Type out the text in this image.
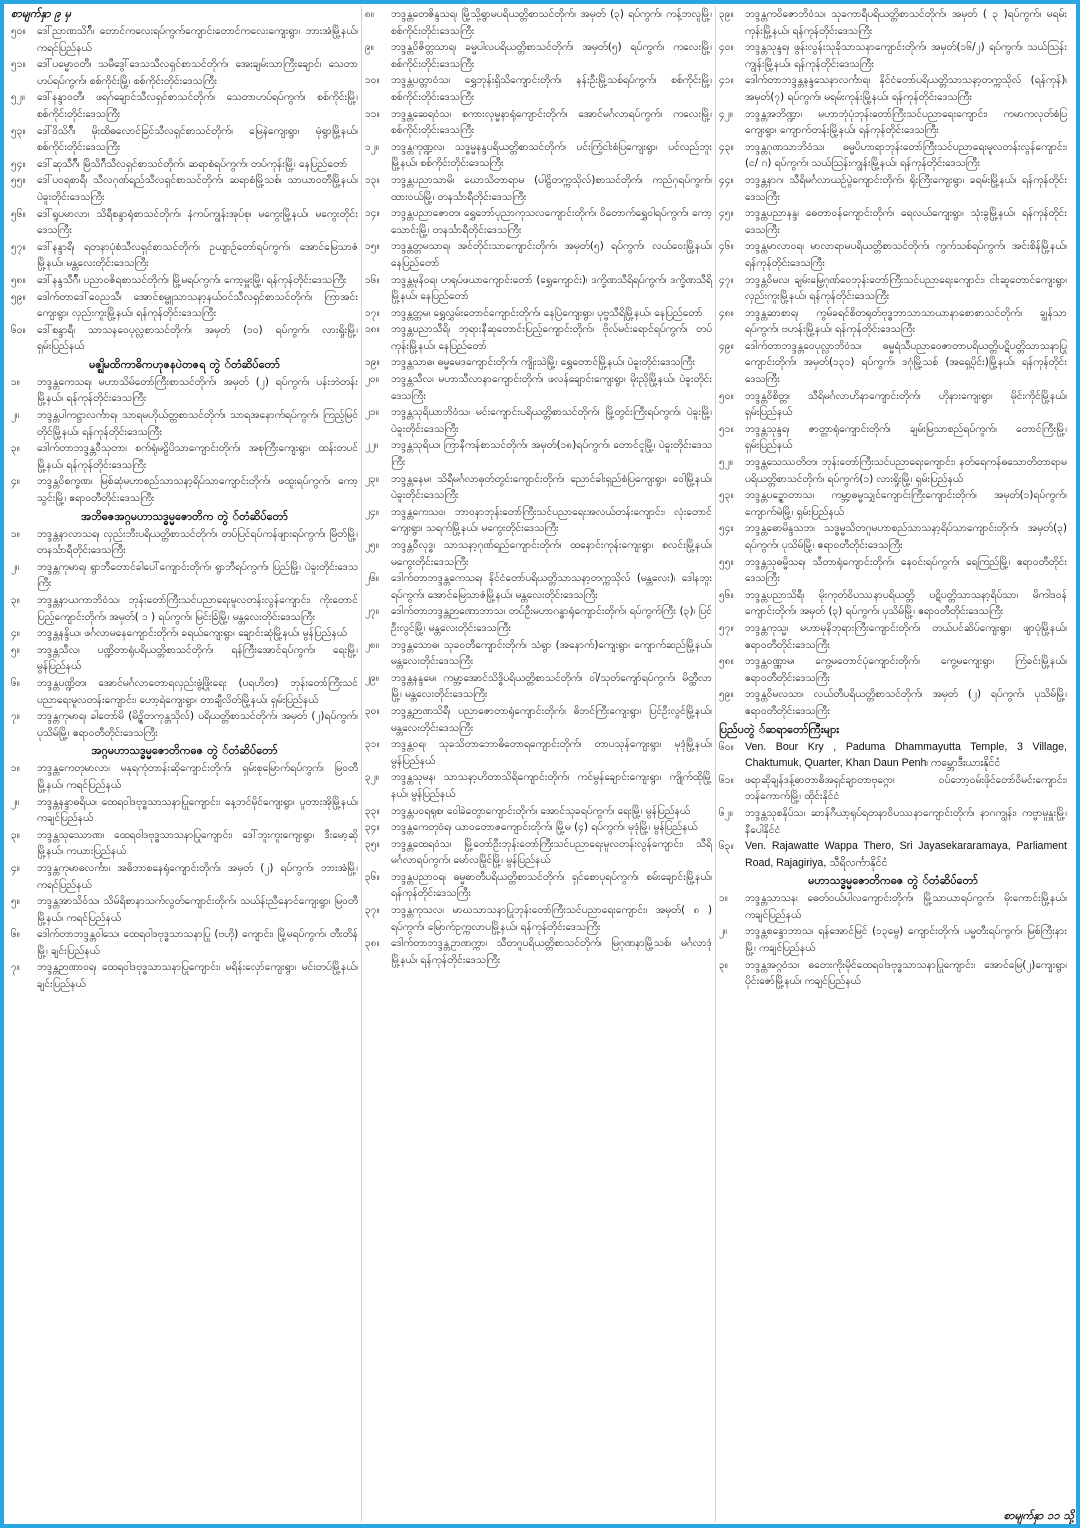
စာမျက်နှာ ၉ မှ
၅၀။	ဒေါ်ညာဏသိဂ်ီ၊ တောင်ကလေးရပ်ကွက်ကျောင်းတောင်ကလေးကျေးရွာ၊ ဘားအံမြို့နယ်၊ ကရင်ပြည်နယ်
၅၁။	ဒေါ်ပမ္မောဝတီ၊ သမီဒွေါ်ဒေသသီလရှင်စာသင်တိုက်၊ အေးချမ်းသာကြီးချောင်၊ သေတာဟပ်ရပ်ကွက်၊ စစ်ကိုင်းမြို့၊ စစ်ကိုင်းတိုင်းဒေသကြီး
၅၂။	ဒေါ်နန္ဒာဝတီ၊ ဖရဂ်ချောင်သီလရှင်စာသင်တိုက်၊ သေတာဟပ်ရပ်ကွက်၊ စစ်ကိုင်းမြို့၊ စစ်ကိုင်းတိုင်းဒေသကြီး
၅၃။	ဒေါ်ဝိသိဂ်ီ၊ မိုးထိဓလောင်ခြင်သီလရှင်စာသင်တိုက်၊ မြေနဲကျေးရွာ၊ မုံရွာမြို့နယ်၊ စစ်ကိုင်းတိုင်းဒေသကြီး
၅၄။	ဒေါ်ဆုသီဂ်ီ၊ မြိသိဂ်ီသီလရှင်စာသင်တိုက်၊ ဆရာစံရပ်ကွက်၊ တပ်ကုန်းမြို့၊ နေပြည်တော်
၅၅။	ဒေါ်ပဝရစာရီ၊ သီလဂုဏ်ရည်သီလရှင်စာသင်တိုက်၊ ဆရာစံမြို့သစ်၊ သာယာဝတီမြို့နယ်၊ ပဲခူးတိုင်းဒေသကြီး
၅၆။	ဒေါ်ရူပမာလာ၊ သိရီစန္ဒာရုံစာသင်တိုက်၊ နံကပ်ကျွန်းအုပ်စု၊ မကွေးမြို့နယ်၊ မကွေးတိုင်းဒေသကြီး
၅၇။	ဒေါ်နန္ဒာရီ၊ ရတနာပုံစံသီလရှင်စာသင်တိုက်၊ ဥယျာဉ်တော်ရပ်ကွက်၊ အောင်မြေသာဇံမြို့နယ်၊ မန္တလေးတိုင်းဒေသကြီး
၅၈။	ဒေါ်နန္ဒသီဂ်ီ၊ ပညာဝဇိရစာသင်တိုက်၊ မြို့မရပ်ကွက်၊ ကော့မှူးမြို့၊ ရန်ကုန်တိုင်းဒေသကြီး
၅၉။	ဒေါက်တာဒေါ်ဝေညသီ၊ အောင်စမ္ဗူသာသနာ့နယ်ဝင်သီလရှင်စာသင်တိုက်၊ ကြာအင်းကျေးရွာ၊ လှည်းကူးမြို့နယ်၊ ရန်ကုန်တိုင်းဒေသကြီး
၆၀။	ဒေါ်စန္ဒာရီ၊ သာသနဝေပုလ္လစာသင်တိုက်၊ အမှတ် (၁၀) ရပ်ကွက်၊ လားရှိုးမြို့၊ ရှမ်းပြည်နယ်
မဇ္ဈိမထိကာဓိကဟုဇနပဲတဇရ တွဲ ်တံဆိပ်တော်
၁။	ဘဒ္ဒန္တကေသရ၊ မဟာသိမ်တော်ကြီးစာသင်တိုက်၊ အမှတ် (၂) ရပ်ကွက်၊ ပန်းဘဲတန်းမြို့နယ်၊ ရန်ကုန်တိုင်းဒေသကြီး
၂။	ဘဒ္ဒန္တပါကဋ္ဌာလင်္ကာရ၊ သာရမဟိုယ်တ္တစာသင်တိုက်၊ သာရအနောက်ရပ်ကွက်၊ ကြည့်မြင်တိုင်မြို့နယ်၊ ရန်ကုန်တိုင်းဒေသကြီး
၃။	ဒေါက်တာဘဒ္ဒန္တဝီသုတာ၊ စက်ရုံမဠိပိသာကျောင်းတိုက်၊ အစုကြီးကျေးရွာ၊ ထန်းတပင်မြို့နယ်၊ ရန်ကုန်တိုင်းဒေသကြီး
၄။	ဘဒ္ဒန္တဝိစက္ခဏ၊ မြစ်ဆုံမဟာစည်သာသနာ့ရိပ်သာကျောင်းတိုက်၊ ဖထူးရပ်ကွက်၊ ကော့သွင်းမြို့၊ ဧရာဝတီတိုင်းဒေသကြီး
အဘိဓဇအဂ္ဂမဟာသဒ္ဓမ္မဇောတိက တွဲ ်တံဆိပ်တော်
၁။	ဘဒ္ဒန္တနာလာသရ၊ လှည်းဘီးပရိယတ္တိစာသင်တိုက်၊ တပ်ပြင်ရပ်ကန်ဖျားရပ်ကွက်၊ မြိတ်မြို့၊ တနင်္သာရီတိုင်းဒေသကြီး
၂။	ဘဒ္ဒန္တကုမာရ၊ ရွာဘီတောင်ခါပေါ်ကျောင်းတိုက်၊ ရွာဘီရပ်ကွက်၊ ပြည်မြို့၊ ပဲခူးတိုင်းဒေသကြီး
၃။	ဘဒ္ဒန္တနာယကာဘိဝံသ၊ ဘုန်းတော်ကြီးသင်ပညာရေးမူလတန်းလွန်ကျောင်း၊ ကိုးတောင်ပြည့်ကျောင်းတိုက်၊ အမှတ်( ၁ ) ရပ်ကွက်၊ မြင်းခြံမြို့၊ မန္တလေးတိုင်းဒေသကြီး
၄။	ဘဒ္ဒန္တနန္ဒိယ၊ ဖင်္ဂလာမနေကျောင်းတိုက်၊ ခရယ်ကျေးရွာ၊ ချောင်းဆုံမြို့နယ်၊ မွန်ပြည်နယ်
၅။	ဘဒ္ဒန္တသီလ၊ ပဏ္ဍိတာရုံပရိယတ္တိစာသင်တိုက်၊ ရန်ကြီးအောင်ရပ်ကွက်၊ ရေးမြို့၊ မွန်ပြည်နယ်
၆။	ဘဒ္ဒန္တပဏ္ဍိတ၊ အောင်မင်္ဂလာတောရလှည်းဖွံ့ဖြိုးရေး (ပရဟိတ) ဘုန်းတော်ကြီးသင်ပညာရေးမူလတန်းကျောင်း၊ ဟော့ရဲကျေးရွာ၊ တာချီလိတ်မြို့နယ်၊ ရှမ်းပြည်နယ်
၇။	ဘဒ္ဒန္တကုမာရ၊ ခါတော်မိ (မိဥ္ဇိတကုန္တသိုလ်) ပရိယတ္တိစာသင်တိုက်၊ အမှတ် (၂)ရပ်ကွက်၊ ပုသိမ်မြို့၊ ဧရာဝတီတိုင်းဒေသကြီး
အဂ္ဂမဟာသဒ္ဓမ္မဇောတိကဓဇ တွဲ ်တံဆိပ်တော်
၁။	ဘဒ္ဒန္တကေတုမာလာ၊ မနုရကုံတာန်းဆိုကျောင်းတိုက်၊ ရှမ်းစုမြောက်ရပ်ကွက်၊ မြဝတီမြို့နယ်၊ ကရင်ပြည်နယ်
၂။	ဘဒ္ဒန္တနန္ဒာဓရိယ၊ ထေရဝါဒဗုဒ္ဓသာသနာပြုကျောင်း၊ နေ့ဘင်မိုင်ကျေးရွာ၊ ပူတားအိုမြို့နယ်၊ ကချင်ပြည်နယ်
၃။	ဘဒ္ဒန္တသုဿောဏ၊ ထေရဝါဒဗုဒ္ဓသာသနာပြုကျောင်း၊ ဒေါ်ဘူးကူးကျေးရွာ၊ ဒီးမော့ဆိုမြို့နယ်၊ ကယားပြည်နယ်
၄။	ဘဒ္ဒန္တကုမာဓလင်္ကာ၊ အဓိဘာစနေရုံကျောင်းတိုက်၊ အမှတ် (၂) ရပ်ကွက်၊ ဘားအံမြို့၊ ကရင်ပြည်နယ်
၅။	ဘဒ္ဒန္တအာသိဝ်သ၊ သိမ်ရိစာနာသက်လွတ်ကျောင်းတိုက်၊ သယ်န်းညီနောင်ကျေးရွာ၊ မြဝတီမြို့နယ်၊ ကရင်ပြည်နယ်
၆။	ဒေါက်တာဘဒ္ဒန္တဝါသေ၊ ထေရဝါဒဗုဒ္ဓသာသနာပြု (ဗဟို) ကျောင်း၊ မြို့မရပ်ကွက်၊ တီးတိန်မြို့၊ ချင်းပြည်နယ်
၇။	ဘဒ္ဒန္တဉာဏာဝရ၊ ထေရဝါဒဗုဒ္ဓသာသနာပြုကျောင်း၊ မရိန်းလှော်ကျေးရွာ၊ မင်းတပ်မြို့နယ်၊ ချင်းပြည်နယ်
၈။	ဘဒ္ဒန္တတေဇိန္ဒသရ၊ မြို့သို့ရွာမပရိယတ္တိစာသင်တိုက်၊ အမှတ် (၃) ရပ်ကွက်၊ ကန့်ဘလူမြို့၊ စစ်ကိုင်းတိုင်းဒေသကြီး
၉။	ဘဒ္ဒန္တဝိဇိတ္တသာရ၊ ခမ္မပါလပရိယတ္တိစာသင်တိုက်၊ အမှတ်(၅) ရပ်ကွက်၊ ကလေးမြို့၊ စစ်ကိုင်းတိုင်းဒေသကြီး
၁၀။	ဘဒ္ဒန္တပတ္တာဝံသ၊ ရွှေဘုန်းရှိသိကျောင်းတိုက်၊ နန်းဦးမြို့သစ်ရပ်ကွက်၊ စစ်ကိုင်းမြို့၊ စစ်ကိုင်းတိုင်းဒေသကြီး
၁၁။	ဘဒ္ဒန္တဆေရဝံသ၊ စကားလုမ္မနာရုံကျောင်းတိုက်၊ အောင်မင်္ဂလာရပ်ကွက်၊ ကလေးမြို့၊ စစ်ကိုင်းတိုင်းဒေသကြီး
၁၂။	ဘဒ္ဒန္တကုဏ္ဍလ၊ သဒ္ဓမ္မနန္ဒပရိယတ္တိစာသင်တိုက်၊ ပင်းကြံ့ငါးစံပြကျေးရွာ၊ ပင်လည်ဘူးမြို့နယ်၊ စစ်ကိုင်းတိုင်းဒေသကြီး
၁၃။	ဘဒ္ဒန္တပညာသာမိ၊ ဃောသိတာရာမ (ပါဠိတက္ကသိုလ်)စာသင်တိုက်၊ ကည်ဂုရပ်ကွက်၊ ထားဝယ်မြို့၊ တနင်္သာရီတိုင်းဒေသကြီး
၁၄။	ဘဒ္ဒန္တပညာဇောတ၊ ရွှေဘော်ပုညာကုသလကျောင်းတိုက်၊ ဝိတောက်ရွှေဝါရပ်ကွက်၊ ကော့သောင်းမြို့၊ တနင်္သာရီတိုင်းဒေသကြီး
၁၅။	ဘဒ္ဒန္တတ္တမသာရ၊ အင်တိုင်းသာကျောင်းတိုက်၊ အမှတ်(၅) ရပ်ကွက်၊ လယ်ဝေးမြို့နယ်၊ နေပြည်တော်
၁၆။	ဘဒ္ဒန္တမုနိဝရ၊ ဟရုပ်ဖယာကျောင်းတော် (ရွှေကျောင်း)၊ ဒက္ခိဏသီရိရပ်ကွက်၊ ဒက္ခိဏသီရိမြို့နယ်၊ နေပြည်တော်
၁၇။	ဘဒ္ဒန္တတ္တမ၊ ရွှေလွှမ်းတောင်ကျောင်းတိုက်၊ နေပြဲကျေးရွာ၊ ပုဗ္ဗသီရိမြို့နယ်၊ နေပြည်တော်
၁၈။	ဘဒ္ဒန္တပညာသီရိ၊ ဘုရားနီဆုတောင်းပြည့်ကျောင်းတိုက်၊ ဗိုလ်မင်းရောင်ရပ်ကွက်၊ တပ်ကုန်းမြို့နယ်၊ နေပြည်တော်
၁၉။	ဘဒ္ဒန္တသာဓ၊ ဓမ္မမေဒကျောင်းတိုက်၊ ကျိုးသဲမြို့၊ ရွှေတောင်မြို့နယ်၊ ပဲခူးတိုင်းဒေသကြီး
၂၀။	ဘဒ္ဒန္တသီလ၊ မဟာသီလာနာကျောင်းတိုက်၊ ဖလန်ချောင်းကျေးရွာ၊ မိုးညိုမြို့နယ်၊ ပဲခူးတိုင်းဒေသကြီး
၂၁။	ဘဒ္ဒန္တသုရိယာဘိဝံသ၊ မင်းကျောင်းပရိယတ္တိစာသင်တိုက်၊ မြို့တွင်းကြီးရပ်ကွက်၊ ပဲခူးမြို့၊ ပဲခူးတိုင်းဒေသကြီး
၂၂။	ဘဒ္ဒန္တသုရိယ၊ ကြာနီကန်စာသင်တိုက်၊ အမှတ်(၁၈)ရပ်ကွက်၊ တောင်ငူမြို့၊ ပဲခူးတိုင်းဒေသကြီး
၂၃။	ဘဒ္ဒန္တနေမ၊ သိရီမင်္ဂလာဓုတ်တွင်းကျောင်းတိုက်၊ ညောင်ခါးရှည်စံပြကျေးရွာ၊ ဝေါမြို့နယ်၊ ပဲခူးတိုင်းဒေသကြီး
၂၄။	ဘဒ္ဒန္တကေသဝ၊ ဘာဝနာဘုန်းတော်ကြီးသင်ပညာရေးအလယ်တန်းကျောင်း၊ လုံးတောင်ကျေးရွာ၊ သရက်မြို့နယ်၊ မကွေးတိုင်းဒေသကြီး
၂၅။	ဘဒ္ဒန္တဝီလုဒ္ဓ၊ သာသနာ့ဂုဏ်ရည်ကျောင်းတိုက်၊ ထနောင်းကုန်းကျေးရွာ၊ စလင်းမြို့နယ်၊ မကွေးတိုင်းဒေသကြီး
၂၆။	ဒေါက်တာဘဒ္ဒန္တကေသရ၊ နိုင်ငံတော်ပရိယတ္တိသာသနာ့တက္ကသိုလ် (မန္တလေး)၊ ဒေါနဘူးရပ်ကွက်၊ အောင်မြေသာဇံမြို့နယ်၊ မန္တလေးတိုင်းဒေသကြီး
၂၇။	ဒေါက်တာဘဒ္ဒန္တဉာဏောဘာသ၊ တပ်ဦးမဟာဂန္ဓာရုံကျောင်းတိုက်၊ ရပ်ကွက်ကြီး (၃)၊ ပြင်ဦးလွင်မြို့၊ မန္တလေးတိုင်းဒေသကြီး
၂၈။	ဘဒ္ဒန္တသောဓ၊ သုခဝတီကျောင်းတိုက်၊ သံရွာ (အနောက်)ကျေးရွာ၊ ကျောက်ဆည်မြို့နယ်၊ မန္တလေးတိုင်းဒေသကြီး
၂၉။	ဘဒ္ဒန္တနန္ဒမေ၊ ကမ္ဘာ့အောင်သိဒ္ဓိပရိယတ္တိစာသင်တိုက်၊ ဝါ/သုတ်ကျော်ရပ်ကွက်၊ မိတ္ထီလာမြို့၊ မန္တလေးတိုင်းဒေသကြီး
၃၀။	ဘဒ္ဒန္တဉာဏသိရီ၊ ပညာဇောတာရုံကျောင်းတိုက်၊ ဓိဘင်ကြီးကျေးရွာ၊ ပြင်ဦးလွင်မြို့နယ်၊ မန္တလေးတိုင်းဒေသကြီး
၃၁။	ဘဒ္ဒန္တဝရ၊ သုခသိတာဘောဓိတောရကျောင်းတိုက်၊ တာပသုန်ကျေးရွာ၊ မုဒုံမြို့နယ်၊ မွန်ပြည်နယ်
၃၂။	ဘဒ္ဒန္တသုမန၊ သာသနာ့ဟိတာသိရိကျောင်းတိုက်၊ ကင်မွန်ချောင်းကျေးရွာ၊ ကျိုက်ထိုမြို့နယ်၊ မွန်ပြည်နယ်
၃၃။	ဘဒ္ဒန္တပဝရရုစ၊ ဝေါခဲတွောကျောင်းတိုက်၊ အောင်သုခရပ်ကွက်၊ ရေးမြို့၊ မွန်ပြည်နယ်
၃၄။	ဘဒ္ဒန္တကေတုဝံရ၊ ယာဝတောဇကျောင်းတိုက်၊ မြို့မ (၄) ရပ်ကွက်၊ မုဒုံမြို့၊ မွန်ပြည်နယ်
၃၅။	ဘဒ္ဒန္တထေရဝံသ၊ မြို့တော်ဦးဘုန်းတော်ကြီးသင်ပညာရေးမူလတန်းလွန်ကျောင်း၊ သီရိမင်္ဂလာရပ်ကွက်၊ မော်လမြိုင်မြို့၊ မွန်ပြည်နယ်
၃၆။	ဘဒ္ဒန္တပညာဝရ၊ ဓမ္မဓာတီပရိယတ္တိစာသင်တိုက်၊ ရှင်စောပုရပ်ကွက်၊ စမ်းချောင်းမြို့နယ်၊ ရန်ကုန်တိုင်းဒေသကြီး
၃၇။	ဘဒ္ဒန္တကုသလ၊ မာဃသာသနာပြုဘုန်းတော်ကြီးသင်ပညာရေးကျောင်း၊ အမှတ်( ၈ ) ရပ်ကွက်၊ မြောက်ဥက္ကလာပမြို့နယ်၊ ရန်ကုန်တိုင်းဒေသကြီး
၃၈။	ဒေါက်တာဘဒ္ဒန္တဥာဏက္ကာ၊ သီတဂူပရိယတ္တိစာသင်တိုက်၊ မြဂုဏနာမြို့သစ်၊ မင်္ဂလာဒုံမြို့နယ်၊ ရန်ကုန်တိုင်းဒေသကြီး
၃၉။	ဘဒ္ဒန္တကဝိဇောဘိဝံသ၊ သုခကာရီပရိယတ္တိစာသင်တိုက်၊ အမှတ် ( ၃ )ရပ်ကွက်၊ မရမ်းကုန်းမြို့နယ်၊ ရန်ကုန်တိုင်းဒေသကြီး
၄၀။	ဘဒ္ဒန္တသုန္ဒရ၊ ဖွန်းလွန်းသုခိုသာသနာကျောင်းတိုက်၊ အမှတ်(၁၆/၂) ရပ်ကွက်၊ သယ်ဩန်းကျွန်းမြို့နယ်၊ ရန်ကုန်တိုင်းဒေသကြီး
၄၁။	ဒေါက်တာဘဒ္ဒန္တနန္ဒသေနာလင်္ကာရ၊ နိုင်ငံတော်ပရိယတ္တိသာသနာ့တက္ကသိုလ် (ရန်ကုန်)၊ အမှတ်(၇) ရပ်ကွက်၊ မရမ်းကုန်းမြို့နယ်၊ ရန်ကုန်တိုင်းဒေသကြီး
၄၂။	ဘဒ္ဒန္တအဘိဏ္ဍာ၊ မဟာဘုံပုံဘုန်းတော်ကြီးသင်ပညာရေးကျောင်း၊ ကမာကလုတ်စံပြကျေးရွာ၊ ကျောက်တန်းမြို့နယ်၊ ရန်ကုန်တိုင်းဒေသကြီး
၄၃။	ဘဒ္ဒန္တဂုဏသာဘိဝံသ၊ ဓမ္မပိဟာရာဘုန်းတော်ကြီးသင်ပညာရေးမူလတန်းလွန်ကျောင်း၊ (င/ ဂ) ရပ်ကွက်၊ သယ်ဩန်းကျွန်းမြို့နယ်၊ ရန်ကုန်တိုင်းဒေသကြီး
၄၄။	ဘဒ္ဒန္တနာဂ၊ သီရိမင်္ဂလာယဉ်ပွဲကျောင်းတိုက်၊ ရိုးကြီးကျေးရွာ၊ ခရမ်းမြို့နယ်၊ ရန်ကုန်တိုင်းဒေသကြီး
၄၅။	ဘဒ္ဒန္တပညာနန္ဒ၊ ဓေတာဝန်ကျောင်းတိုက်၊ ရေလယ်ကျေးရွာ၊ သုံးခွမြို့နယ်၊ ရန်ကုန်တိုင်းဒေသကြီး
၄၆။	ဘဒ္ဒန္တမာလာဝရ၊ မာလာရာမပရိယတ္တိစာသင်တိုက်၊ ကွက်သစ်ရပ်ကွက်၊ အင်းစိန်မြို့နယ်၊ ရန်ကုန်တိုင်းဒေသကြီး
၄၇။	ဘဒ္ဒန္တဝိမလ၊ ချမ်းမြေ့ဂုဏ်ဝေဘုန်းတော်ကြီးသင်ပညာရေးကျောင်း၊ ငါးဆူတောင်ကျေးရွာ၊ လှည်းကူးမြို့နယ်၊ ရန်ကုန်တိုင်းဒေသကြီး
၄၈။	ဘဒ္ဒန္တဆာစာရ၊ ကွမ်ခရင်စိတရုတ်ဗုဒ္ဓဘာသာသာယာနာစောစာသင်တိုက်၊ ချွန်သာရပ်ကွက်၊ ဗဟန်းမြို့နယ်၊ ရန်ကုန်တိုင်းဒေသကြီး
၄၉။	ဒေါက်တာဘဒ္ဒန္တဝေပုလ္လာဘိဝံသ၊ ဓမ္မရံသီပညာဝေဇာတာပရိယတ္တိပဋိပတ္တိသာသနာပြုကျောင်းတိုက်၊ အမှတ်(၁၃၁) ရပ်ကွက်၊ ဒဂုံမြို့သစ် (အရှေ့ပိုင်း)မြို့နယ်၊ ရန်ကုန်တိုင်းဒေသကြီး
၅၀။	ဘဒ္ဒန္တဝိစိတ္တ၊ သီရိမင်္ဂလာဟိနာကျောင်းတိုက်၊ ဟိုနားကျေးရွာ၊ မိုင်းကိုင်မြို့နယ်၊ ရှမ်းပြည်နယ်
၅၁။	ဘဒ္ဒန္တသုန္ဒရ၊ ဇာတ္တာရုံကျောင်းတိုက်၊ ချမ်းမြသာစည်ရပ်ကွက်၊ တောင်ကြီးမြို့၊ ရှမ်းပြည်နယ်
၅၂။	ဘဒ္ဒန္တသေဿတိတ၊ ဘုန်းတော်ကြီးသင်ပညာရေးကျောင်း၊ နတ်ရေကန်ဓသောတိတာရာမပရိယတ္တိစာသင်တိုက်၊ ရပ်ကွက်(၁) လားရှိုးမြို့၊ ရှမ်းပြည်နယ်
၅၃။	ဘဒ္ဒန္တပဥ္ဇောတာသ၊ ကမ္ဘာ့ဓမ္မသျှင်ကျောင်းကြီးကျောင်းတိုက်၊ အမှတ်(၁)ရပ်ကွက်၊ ကျောက်မဲမြို့၊ ရှမ်းပြည်နယ်
၅၄။	ဘဒ္ဒန္တဓောမိန္ဒသဘ၊ သဒ္ဓမ္မသိတဂူမဟာစည်သာသနာ့ရိပ်သာကျောင်းတိုက်၊ အမှတ်(၃) ရပ်ကွက်၊ ပုသိမ်မြို့၊ ဧရာဝတီတိုင်းဒေသကြီး
၅၅။	ဘဒ္ဒန္တသုဓမ္မိသရ၊ သီတာရုံကျောင်းတိုက်၊ နေဝင်းရပ်ကွက်၊ ရေကြည်မြို့၊ ဧရာဝတီတိုင်းဒေသကြီး
၅၆။	ဘဒ္ဒန္တပညာသိရီ၊ မိုးကုတ်ဝိပဿနာပရိယတ္တိ ပဋိပတ္တိသာသနာ့ရိပ်သာ၊ မိကါဒဝန်ကျောင်းတိုက်၊ အမှတ် (၃) ရပ်ကွက်၊ ပုသိမ်မြို့၊ ဧရာဝတီတိုင်းဒေသကြီး
၅၇။	ဘဒ္ဒန္တကုသ္မ၊ မဟာမုနိဘုရားကြီးကျောင်းတိုက်၊ တယ်ပင်ဆိပ်ကျေးရွာ၊ ဖျာပုံမြို့နယ်၊ ဧရာဝတီတိုင်းဒေသကြီး
၅၈။	ဘဒ္ဒန္တဝဏ္ဏာမ၊ ကွေ့မတောင်ပုံကျောင်းတိုက်၊ ကွေ့မကျေးရွာ၊ ကြံခင်းမြို့နယ်၊ ဧရာဝတီတိုင်းဒေသကြီး
၅၉။	ဘဒ္ဒန္တဝိမလသာ၊ လယ်တီပရိယတ္တိစာသင်တိုက်၊ အမှတ် (၂) ရပ်ကွက်၊ ပုသိမ်မြို့၊ ဧရာဝတီတိုင်းဒေသကြီး
ပြည်ပတွဲ ်ဆရာတော်ကြီးများ
၆၀။	Ven. Bour Kry , Paduma Dhammayutta Temple, 3 Village, Chaktumuk, Quarter, Khan Daun Penh၊ ကမ္ဘောဒီးယားနိုင်ငံ
၆၁။	ဖရာဆိုချန်ဒန့်ဓာတာဓိအရှင်ချာတာဗုဂ္ဂော၊ ဝပ်ဘော့ဝမ်းဖိုင်တော်ဝိမင်းကျောင်း၊ ဘန်ကောက်မြို့၊ ထိုင်းနိုင်ငံ
၆၂။	ဘဒ္ဒန္တသုစနိုပ်သ၊ ဆာန်ဂီယာ့ရုပ်ရတနာဝိပဿနာကျောင်းတိုက်၊ နာဂကျွန်း၊ ကဗ္ဗာမှုနှူးမြို့၊ နီပေါနိုင်ငံ
၆၃။	Ven. Rajawatte Wappa Thero, Sri Jayasekararamaya, Parliament Road, Rajagiriya, သီရိလင်္ကာနိုင်ငံ
မဟာသဒ္ဓမ္မဇောတိကဓဇ တွဲ ်တံဆိပ်တော်
၁။	ဘဒ္ဒန္တသာသန၊ ဓေတ်ဝယ်ပါလကျောင်းတိုက်၊ မြို့သာယာရပ်ကွက်၊ မိုးကောင်းမြို့နယ်၊ ကချင်ပြည်နယ်
၂။	ဘဒ္ဒန္တစန္ဒောဘာသ၊ ရန်အောင်မြင် (၁၃မွေ) ကျောင်းတိုက်၊ ပမ္မတီးရပ်ကွက်၊ မြစ်ကြီးနားမြို့၊ ကချင်ပြည်နယ်
၃။	ဘဒ္ဒန္တအဂ္ဂဝံသ၊ ဓတေးကိုးမိုင်ထေရဝါဒဗုဒ္ဓသာသနာပြုကျောင်း၊ အောင်မြေ(၂)ကျေးရွာ၊ ပိုင်းဇော်မြို့နယ်၊ ကချင်ပြည်နယ်
စာမျက်နှာ ၁၁ သို့
